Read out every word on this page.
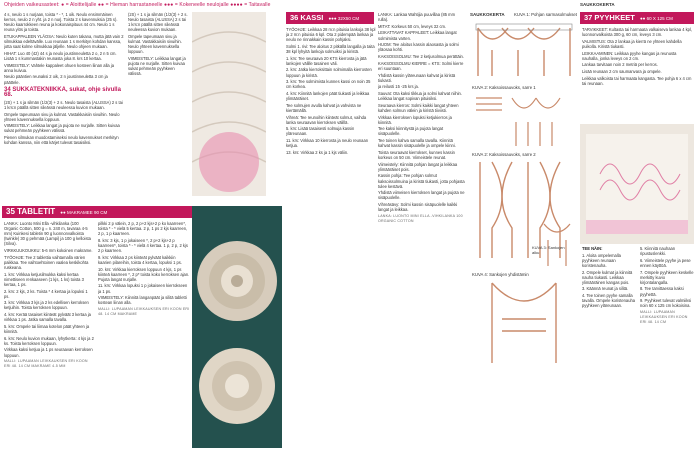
Ohjeiden vaikeusasteet: ● = Aloittelijalle ●● = Hieman harrastaneelle ●●● = Kokeneelle neulojalle ●●●● = Taitavalle

4 s, neulo 1 s nurjaan, toista * - *, 1 oik. Neulo ensimmäinen kerros, neulo 2 n yht. ja 2 n nurj. Toista 2 s kavennuksia (25 s). Neulo kaarrokkeen reuna ja kokonaispituus 44 cm. Neulo 1 s reuna ylös ja toista.

ETUKAPPALEEN YLÄOSA: Neulo kuten takana, mutta jätä vain 2 silmukkaa edeltävälle. Luo reunaan 1 s merkityn kohdan kanssa, jotta saat kolme silmukkaa jäljelle. Neulo ohjeen mukaan.

HIHAT: Luo 40 (42) 44 s ja neulo joustinneuletta 2 o, 2 n 5 cm. Lisää 1 s kummastakin reunasta joka 8. krs 10 kertaa.

VIIMEISTELY: Vahtele kappaleet ohuen kosteen liinan alla ja anna kuivua.

Neulo pääntien reunaksi 2 oik, 2 n joustinneuletta 3 cm ja päättele.

34 SUKKATEKNIIKKA, sukat, ohje sivulla 68.

(2S) + 1 s ja silmän (1/2(3) + 2 s. Neulo tasaista (ALUSSA) 2 s tai 1 krs:n päällä sitten sileässä neuleessa kuvion mukaan.

Ompele tapeumaan sivu ja kulmat. Vastakkaisiin sivuihin. Neulo yhteen kavennuksella loppuun.

VIIMEISTELY: Leikkaa langat ja pujota ne nurjalle. Sitten kuivaa sukat pehmeän pyyhkeen välissä.

Pienen silmukan muodostamiseksi neulo kavennukset merkityn kohdan kanssa, niin että kärjet tulevat tasaisiksi.

(2S) + 1 s ja silmän (1/2(3) + 2 s. Neulo tasaista (ALUSSA) 2 s tai 1 krs:n päällä sitten sileässä neuleessa kuvion mukaan.

Ompele tapeumaan sivu ja kulmat. Vastakkaisiin sivuihin. Neulo yhteen kavennuksella loppuun.

VIIMEISTELY: Leikkaa langat ja pujota ne nurjalle. Sitten kuivaa sukat pehmeän pyyhkeen välissä.

35 TABLETIT ●● MAKRAMEE 90 CM

LANKA: Luonto Mini Ella -vihkilanka (100 Organic Cotton, 500 g = n. 240 m, tavaraa 4-5 mm) Kuinkesi tabletin 90 g luonnonvalkoista (twinkle) 30 g pehmää (Lampi) ja 100 g kelloista (Silva).

VIRKKUUKOUKKU: 5-6 mm kokoinen makrame.

TYÖOHJE: Tee 2 tablettia vaihtamalla värien paikkaa. Tee vaihtoehtoinen vaalea keskikohta ruskeana.

1. krs: Virkkaa ketjusilmukka kaksi kertaa nimettiseen renkaaseen (1 kjs, 1 ks) toista 3 kertaa, 1 ps.

2. krs: 2 kjs, 2 ks. Toista * 4 kertaa ja lopuksi 1 ps.

3. krs: Virkkaa 3 kjs ja 2 ks edellisen kerroksen ketjuihin. Toista kerroksen loppuun.

4. krs: Kerää tasaiset kiinteät pylväät 3 kertaa ja virkkaa 1 ps. Jatka samalla tavalla.

5. krs: Ompele tai liimaa kotelon päät yhteen ja kiinnitä.

6. krs: Neulo kuvion mukaan, lyhytkerta: 4 kjs ja 2 ks. Toista kerroksen loppuun.

Virkkaa kaksi ketjua ja 1 ps seuraavan kerroksen loppuun.

MALLI: LUPAAMAN LEIKKAUKSEN ERI KOON ERI 48. 14 CM MAKRAME 4-5 MM

pilkki 2 p välein, 2 p, 2 p+2 kjs+2 p ko kaarreen*, toista * - * vielä 5 kertaa. 2 p, 1 ps 2 kjs kaarreen, 2 p, 1 p kaarreen.

8. krs: 3 kjs, 1 p jokaiseen *, 2 p+2 kjs+2 p kaarreen*, toista * - * vielä 4 kertaa. 1 p, 2 p, 2 kjs 2 p kaarreen.

9. krs: Virkkaa 2 ps kiinteät pylväät kaikkiin kaarien pilareihin, toista 4 kertaa, lopuksi 1 ps.

10. krs: Virkkaa kierroksen loppuun 4 kjs, 1 ps kiinteä kaarreen *, 2 p* toista koko kerroksen ajan. Pujota langat nurjalle.

11. krs: Virkkaa lopuksi 1 p jokaiseen kierrokseen ja 1 ps.

VIIMEISTELY: Kiinnitä langanpäät ja silitä tabletti kostean liinan alla.

MALLI: LUPAAMAN LEIKKAUKSEN ERI KOON ERI 48. 14 CM MAKRAME

36 KASSI ●●● 32X50 CM

TYÖOHJE: Leikkaa 28 m:n pituisia lankoja 38 kpl ja 2 m:n pituisia 6 kpl. Ota 2 pidempää lankaa ja neulo ne rinnakkain kassin pohjaksi.

Solmi 1. rivi: Tee aloitus 2 pitkällä langalla ja taita 38 kpl lyhyitä lankoja solmuiksi ja kiristä.

1. krs: Tee seuraava 20 KTS kierrosta ja jätä lankojen välille tasainen väli.

2. krs: Jatka kierroksittain solmimalla kierrosten loppuun ja kiristä.

3. krs: Tee solmimista kunnes kassi on noin 35 cm korkea.

4. krs: Kiinnitä lankojen päät tiukasti ja leikkaa ylimääräiset.

Tee solmujen avulla kahvat ja vahvista ne kiertämällä.

Vihreä: Tee reunoihin kiinteät solmut, vaihda lanka seuraavan kierroksen välillä.

5. krs: Lisää tasaisesti solmuja kassin yläreunaan.

11. krs: Virkkaa 10 kierrosta ja neulo reunaan ketjua.

13. krs: Virkkaa 2 ks ja 1 kjs väliin.

LANKA: Lankaa Wahtijia puuvillaa (85 mm rulla).

MITAT: Korkeus 50 cm, leveys 32 cm.

LEIKATTAVAT KAPPALEET: Leikkaa langat solmimista varten.

HUOM: Tee aloitus kassin alaosasta ja solmi yläosaa kohti.

KAKSOISSOLMU: Tee 2 ketjusolmua perättäin.

KAKSOISSOLMU KIERRE = KTS: Solmi kierre eri suuntaan.

Yhdistä kassin yläreunaan kahvat ja kiristä tiukasti.

ja reilusti 15 -25 krs ja.

Sauvat: Ota kaksi tikkua ja solmi kahvat niihin. Leikkaa langat sopivan pituisiksi.

Seuraava kierros: Solmi kaikki langat yhteen kahden solmun välein ja kiristä tiiviisti.

Virkkaa kierroksen lopuksi ketjukierros ja kiinnitä.

Tee kaksi kiinnitystä ja pujota langat sisäpuolelle.

Tee toinen kahva samalla tavalla. Kiinnitä kahvat kassin sisäpuolelle ja ompele kiinni.

Toista seuraavat kierrokset, kunnes kassin korkeus on 50 cm. Viimeistele reunat.

Viimeistely: Kiinnitä pohjan langat ja leikkaa ylimääräiset pois.

Kassin pohja: Tee pohjan solmut kaksoissolmuina ja kiristä tiukasti, jotta pohjasta tulee kestävä.

Yhdistä viimeisen kierroksen langat ja pujota ne sisäpuolelle.

Vihreäsävy: Solmi kassin sisäpuolelle kaikki langat ja leikkaa.

LANKA: LUONTO MINI ELLA -VIHKILANKA 100 ORGANIC COTTON

SAUKKOKERTA KUVA 1: Pohjan sarmasolmukset
KUVA 2: Kaksoissauvoks, sarre 1
KUVA 2: Kaksoissauvoks, sarre 2
KUVA 3: Sankojen alku
KUVA 4: Sankojen yhdistämin
SAUKKOKERTA
37 PYYHKEET ●● 60 X 125 CM

TARVIKKEET: Kultasta tai harmaata valkaiseva lankaa 4 kpl, luonnonvalkoista 300 g, 60 cm, leveys 3 cm.

VALMISTUS: Ota 2 lankaa ja kierrä ne yhteen kahdella puikolla. Kiristä tiukasti.

LEIKKAAMINEN: Leikkaa pyyhe kangas ja reunusta nauhalla, jonka leveys on 2 cm.

Lankaa tarvitaan noin 2 metriä per kerros.

Lisää reunaan 2 cm saumanvara ja ompele.

Leikkaa valkoista tai harmaata kangasta. Tee pohja 6 x 4 cm tai reunaan.

TEE NÄIN:

1. Aloita ompelemalla pyyhkeen reunaan koristenauha.

2. Ompele kulmat ja kiinnitä nauha tiukasti. Leikkaa ylimääräinen kangas pois.

3. Käännä reunat ja silitä.

4. Tee toinen pyyhe samalla tavalla. Ompele koristenauha pyyhkeen yläreunaan.

5. Kiinnitä nauhaan ripustuslenkki.

6. Viimeistele pyyhe ja pese ennen käyttöä.

7. Ompele pyyhkeen keskelle merkitty kuvio kirjontalangalla.

8. Tee tarvittaessa kaksi pyyhettä.

9. Pyyhkeet tulevat valmiiksi noin 60 x 125 cm kokoisina.

MALLI: LUPAAMAN LEIKKAUKSEN ERI KOON ERI 48. 14 CM
